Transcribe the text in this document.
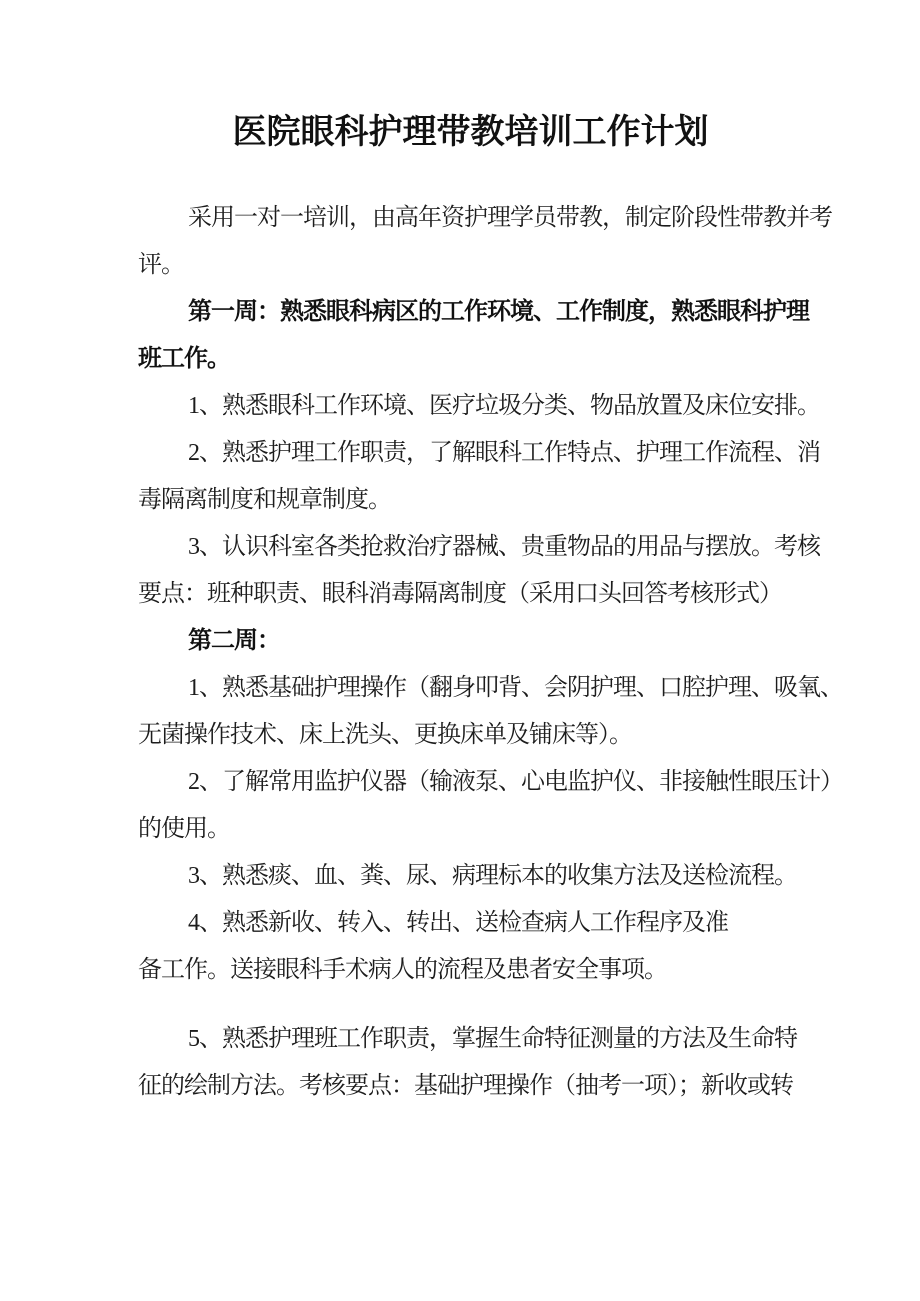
医院眼科护理带教培训工作计划
采用一对一培训，由高年资护理学员带教，制定阶段性带教并考
评。
第一周：熟悉眼科病区的工作环境、工作制度，熟悉眼科护理
班工作。
1、熟悉眼科工作环境、医疗垃圾分类、物品放置及床位安排。
2、熟悉护理工作职责，了解眼科工作特点、护理工作流程、消
毒隔离制度和规章制度。
3、认识科室各类抢救治疗器械、贵重物品的用品与摆放。考核
要点：班种职责、眼科消毒隔离制度（采用口头回答考核形式）
第二周：
1、熟悉基础护理操作（翻身叩背、会阴护理、口腔护理、吸氧、
无菌操作技术、床上洗头、更换床单及铺床等）。
2、了解常用监护仪器（输液泵、心电监护仪、非接触性眼压计）
的使用。
3、熟悉痰、血、粪、尿、病理标本的收集方法及送检流程。
4、熟悉新收、转入、转出、送检查病人工作程序及准
备工作。送接眼科手术病人的流程及患者安全事项。
5、熟悉护理班工作职责，掌握生命特征测量的方法及生命特
征的绘制方法。考核要点：基础护理操作（抽考一项）；新收或转
